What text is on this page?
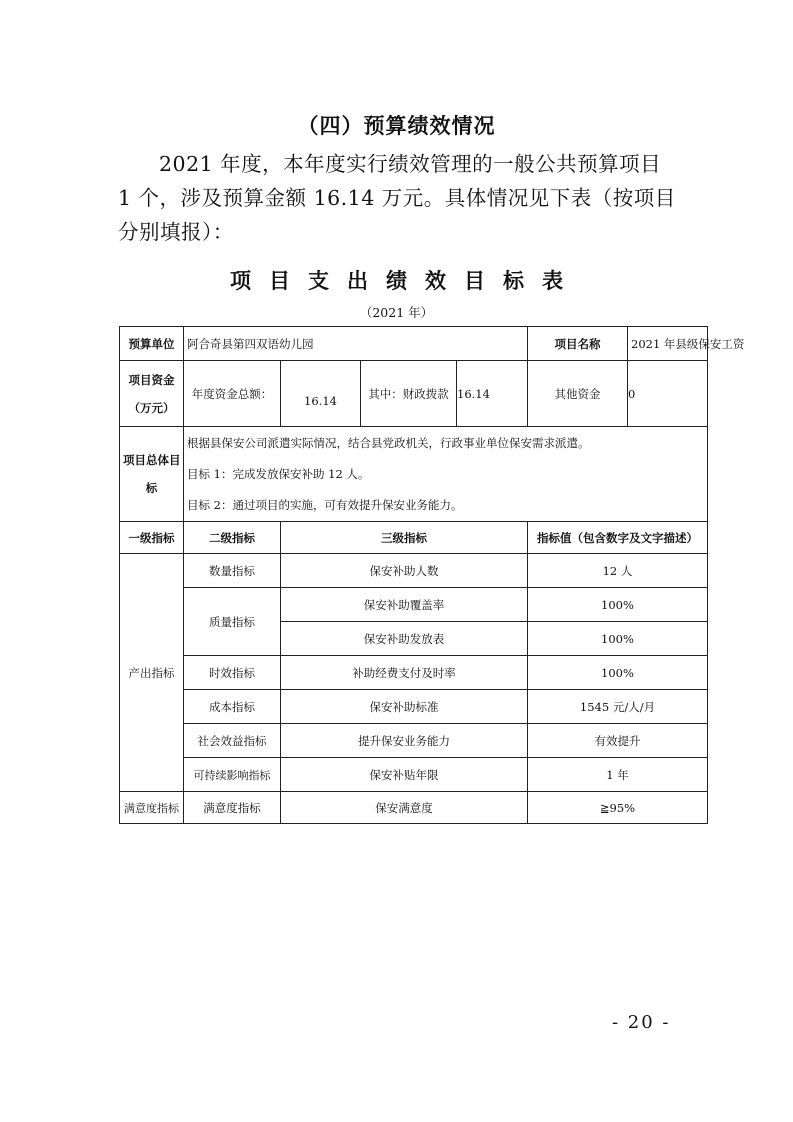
（四）预算绩效情况

2021 年度，本年度实行绩效管理的一般公共预算项目
1 个，涉及预算金额 16.14 万元。具体情况见下表（按项目
分别填报）：

项目支出绩效目标表
（2021 年）
预算单位	阿合奇县第四双语幼儿园				项目名称	2021 年县级保安工资

项目资金
（万元）	年度资金总额：	16.14	其中：财政拨款	16.14	其他资金	0

项目总体目
标	根据县保安公司派遣实际情况，结合县党政机关，行政事业单位保安需求派遣。
目标 1：完成发放保安补助 12 人。
目标 2：通过项目的实施，可有效提升保安业务能力。					

一级指标	二级指标	三级指标			指标值（包含数字及文字描述）	
产出指标	数量指标	保安补助人数			12 人	
	质量指标	保安补助覆盖率			100%	
		保安补助发放表			100%	
	时效指标	补助经费支付及时率			100%	
	成本指标	保安补助标准			1545 元/人/月	
	社会效益指标	提升保安业务能力			有效提升	
	可持续影响指标	保安补贴年限			1 年	
满意度指标	满意度指标	保安满意度			≧95%	
- 20 -
